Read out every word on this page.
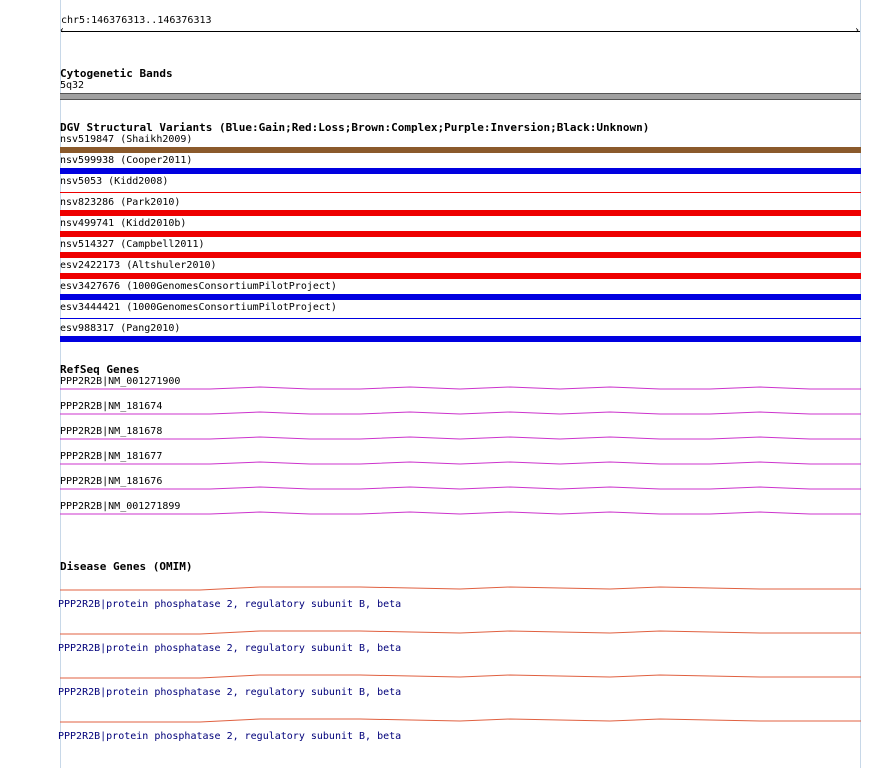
chr5:146376313..146376313
‹	›
Cytogenetic Bands
5q32
DGV Structural Variants (Blue:Gain;Red:Loss;Brown:Complex;Purple:Inversion;Black:Unknown)
nsv519847 (Shaikh2009)
nsv599938 (Cooper2011)
nsv5053 (Kidd2008)
nsv823286 (Park2010)
nsv499741 (Kidd2010b)
nsv514327 (Campbell2011)
esv2422173 (Altshuler2010)
esv3427676 (1000GenomesConsortiumPilotProject)
esv3444421 (1000GenomesConsortiumPilotProject)
esv988317 (Pang2010)
RefSeq Genes
PPP2R2B|NM_001271900
PPP2R2B|NM_181674
PPP2R2B|NM_181678
PPP2R2B|NM_181677
PPP2R2B|NM_181676
PPP2R2B|NM_001271899
Disease Genes (OMIM)
PPP2R2B|protein phosphatase 2, regulatory subunit B, beta
PPP2R2B|protein phosphatase 2, regulatory subunit B, beta
PPP2R2B|protein phosphatase 2, regulatory subunit B, beta
PPP2R2B|protein phosphatase 2, regulatory subunit B, beta
